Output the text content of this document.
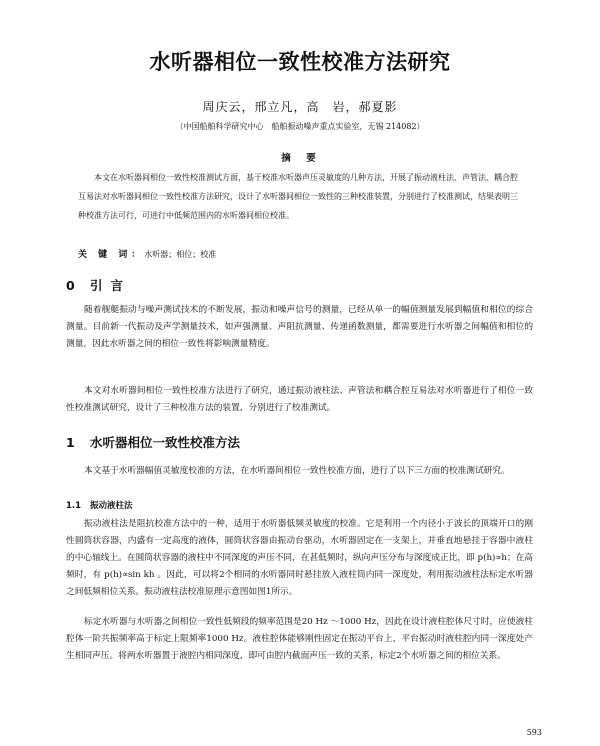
水听器相位一致性校准方法研究
周庆云，邢立凡，高　岩，郝夏影
（中国船舶科学研究中心　船舶振动噪声重点实验室，无锡 214082）
摘　要

本文在水听器间相位一致性校准测试方面，基于校准水听器声压灵敏度的几种方法，开展了振动液柱法、声管法、耦合腔互易法对水听器间相位一致性校准方法研究，设计了水听器间相位一致性的三种校准装置，分别进行了校准测试，结果表明三种校准方法可行，可进行中低频范围内的水听器间相位校准。

关 键 词：水听器；相位；校准
0 引言

随着舰艇振动与噪声测试技术的不断发展，振动和噪声信号的测量，已经从单一的幅值测量发展到幅值和相位的综合测量。目前新一代振动及声学测量技术，如声强测量、声阻抗测量、传递函数测量，都需要进行水听器之间幅值和相位的测量，因此水听器之间的相位一致性将影响测量精度。

本文对水听器间相位一致性校准方法进行了研究，通过振动液柱法、声管法和耦合腔互易法对水听器进行了相位一致性校准测试研究，设计了三种校准方法的装置，分别进行了校准测试。

1 水听器相位一致性校准方法

本文基于水听器幅值灵敏度校准的方法，在水听器间相位一致性校准方面，进行了以下三方面的校准测试研究。

1.1 振动液柱法

振动液柱法是阻抗校准方法中的一种，适用于水听器低频灵敏度的校准。它是利用一个内径小于波长的顶端开口的刚性圆筒状容器，内盛有一定高度的液体，圆筒状容器由振动台驱动，水听器固定在一支架上，并垂直地悬挂于容器中液柱的中心轴线上。在圆筒状容器的液柱中不同深度的声压不同，在甚低频时，纵向声压分布与深度成正比，即 p(h)∝h；在高频时，有 p(h)∝sin kh 。因此，可以将2个相同的水听器同时悬挂放入液柱筒内同一深度处，利用振动液柱法标定水听器之间低频相位关系。振动液柱法校准原理示意图如图1所示。

标定水听器与水听器之间相位一致性低频段的频率范围是20 Hz ～1000 Hz，因此在设计液柱腔体尺寸时，应使液柱腔体一阶共振频率高于标定上限频率1000 Hz。液柱腔体能够刚性固定在振动平台上，平台振动时液柱腔内同一深度处产生相同声压。将两水听器置于液腔内相同深度，即可由腔内截面声压一致的关系，标定2个水听器之间的相位关系。

593
